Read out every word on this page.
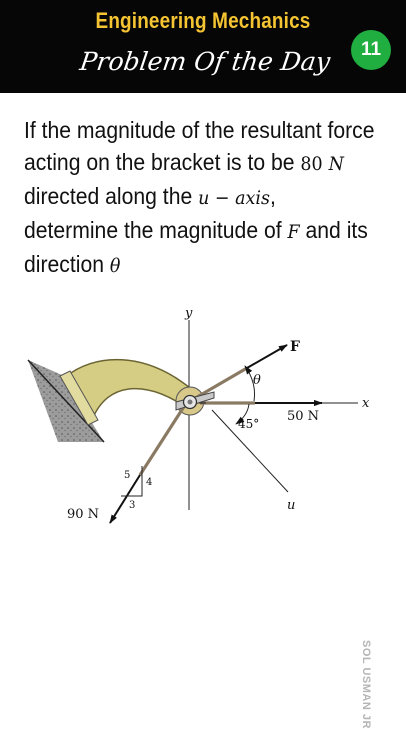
Engineering Mechanics
Problem Of the Day	11
If the magnitude of the resultant force
acting on the bracket is to be 80 N
directed along the u − axis,
determine the magnitude of F and its
direction θ
y
x
u
F
θ
50 N
45°
90 N
5
4
3
SOL USMAN JR
